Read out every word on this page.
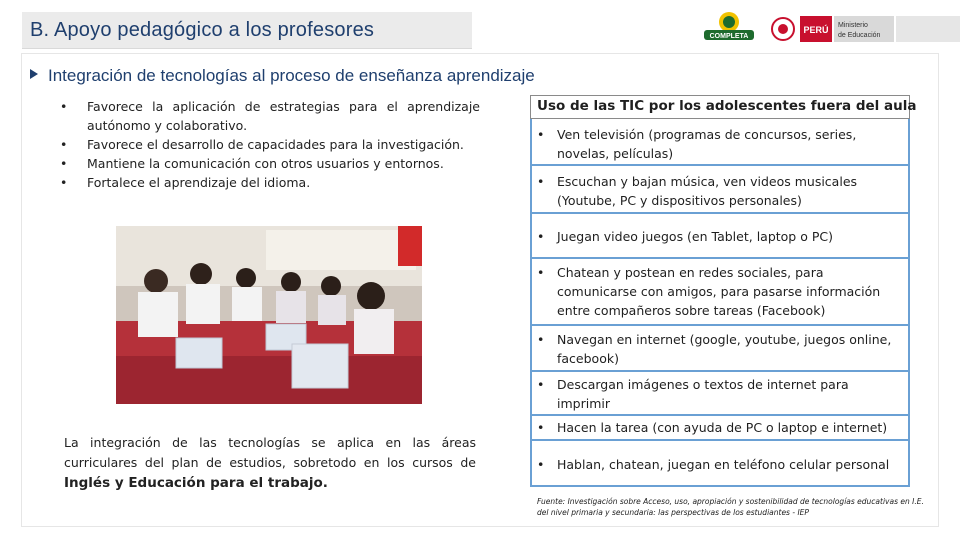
B. Apoyo pedagógico a los profesores	COMPLETA
PERÚ Ministerio
de Educación
Integración de tecnologías al proceso de enseñanza aprendizaje
• Favorece la aplicación de estrategias para el aprendizaje autónomo y colaborativo.
• Favorece el desarrollo de capacidades para la investigación.
• Mantiene la comunicación con otros usuarios y entornos.
• Fortalece el aprendizaje del idioma.
La integración de las tecnologías se aplica en las áreas curriculares del plan de estudios, sobretodo en los cursos de Inglés y Educación para el trabajo.
Uso de las TIC por los adolescentes fuera del aula
• Ven televisión (programas de concursos, series, novelas, películas)
• Escuchan y bajan música, ven videos musicales (Youtube, PC y dispositivos personales)
• Juegan video juegos (en Tablet, laptop o PC)
• Chatean y postean en redes sociales, para comunicarse con amigos, para pasarse información entre compañeros sobre tareas (Facebook)
• Navegan en internet (google, youtube, juegos online, facebook)
• Descargan imágenes o textos de internet para imprimir
• Hacen la tarea (con ayuda de PC o laptop e internet)
• Hablan, chatean, juegan en teléfono celular personal
Fuente: Investigación sobre Acceso, uso, apropiación y sostenibilidad de tecnologías educativas en I.E. del nivel primaria y secundaria: las perspectivas de los estudiantes - IEP
